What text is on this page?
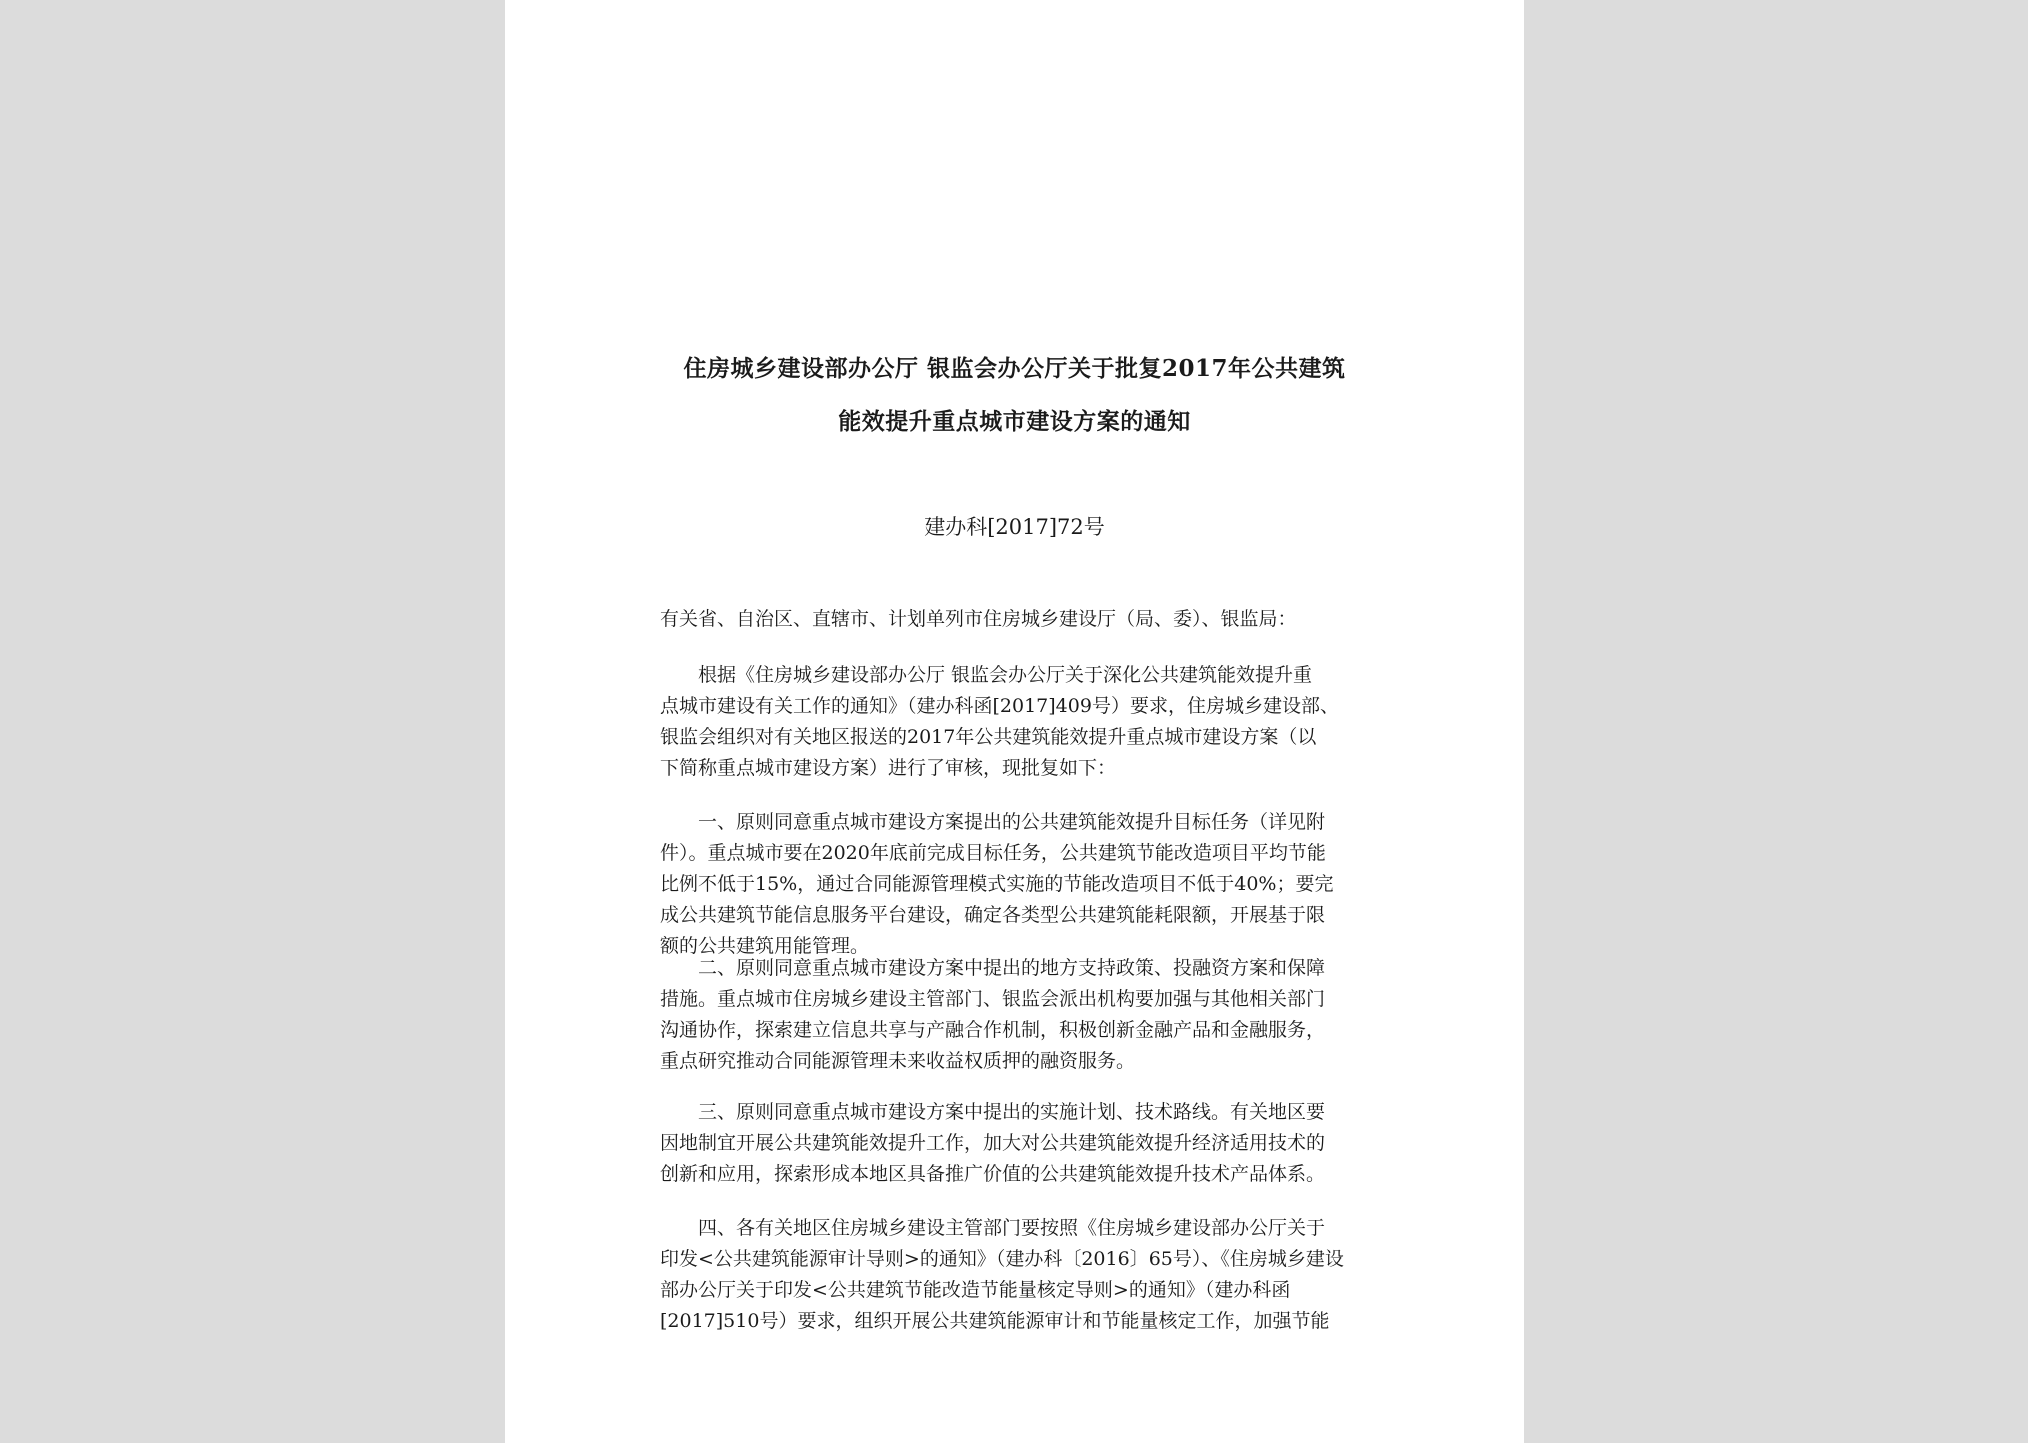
住房城乡建设部办公厅 银监会办公厅关于批复2017年公共建筑
能效提升重点城市建设方案的通知
建办科[2017]72号
有关省、自治区、直辖市、计划单列市住房城乡建设厅（局、委）、银监局：
　　根据《住房城乡建设部办公厅 银监会办公厅关于深化公共建筑能效提升重
点城市建设有关工作的通知》（建办科函[2017]409号）要求，住房城乡建设部、
银监会组织对有关地区报送的2017年公共建筑能效提升重点城市建设方案（以
下简称重点城市建设方案）进行了审核，现批复如下：
　　一、原则同意重点城市建设方案提出的公共建筑能效提升目标任务（详见附
件）。重点城市要在2020年底前完成目标任务，公共建筑节能改造项目平均节能
比例不低于15%，通过合同能源管理模式实施的节能改造项目不低于40%；要完
成公共建筑节能信息服务平台建设，确定各类型公共建筑能耗限额，开展基于限
额的公共建筑用能管理。
　　二、原则同意重点城市建设方案中提出的地方支持政策、投融资方案和保障
措施。重点城市住房城乡建设主管部门、银监会派出机构要加强与其他相关部门
沟通协作，探索建立信息共享与产融合作机制，积极创新金融产品和金融服务，
重点研究推动合同能源管理未来收益权质押的融资服务。
　　三、原则同意重点城市建设方案中提出的实施计划、技术路线。有关地区要
因地制宜开展公共建筑能效提升工作，加大对公共建筑能效提升经济适用技术的
创新和应用，探索形成本地区具备推广价值的公共建筑能效提升技术产品体系。
　　四、各有关地区住房城乡建设主管部门要按照《住房城乡建设部办公厅关于
印发<公共建筑能源审计导则>的通知》（建办科〔2016〕65号）、《住房城乡建设
部办公厅关于印发<公共建筑节能改造节能量核定导则>的通知》（建办科函
[2017]510号）要求，组织开展公共建筑能源审计和节能量核定工作，加强节能
